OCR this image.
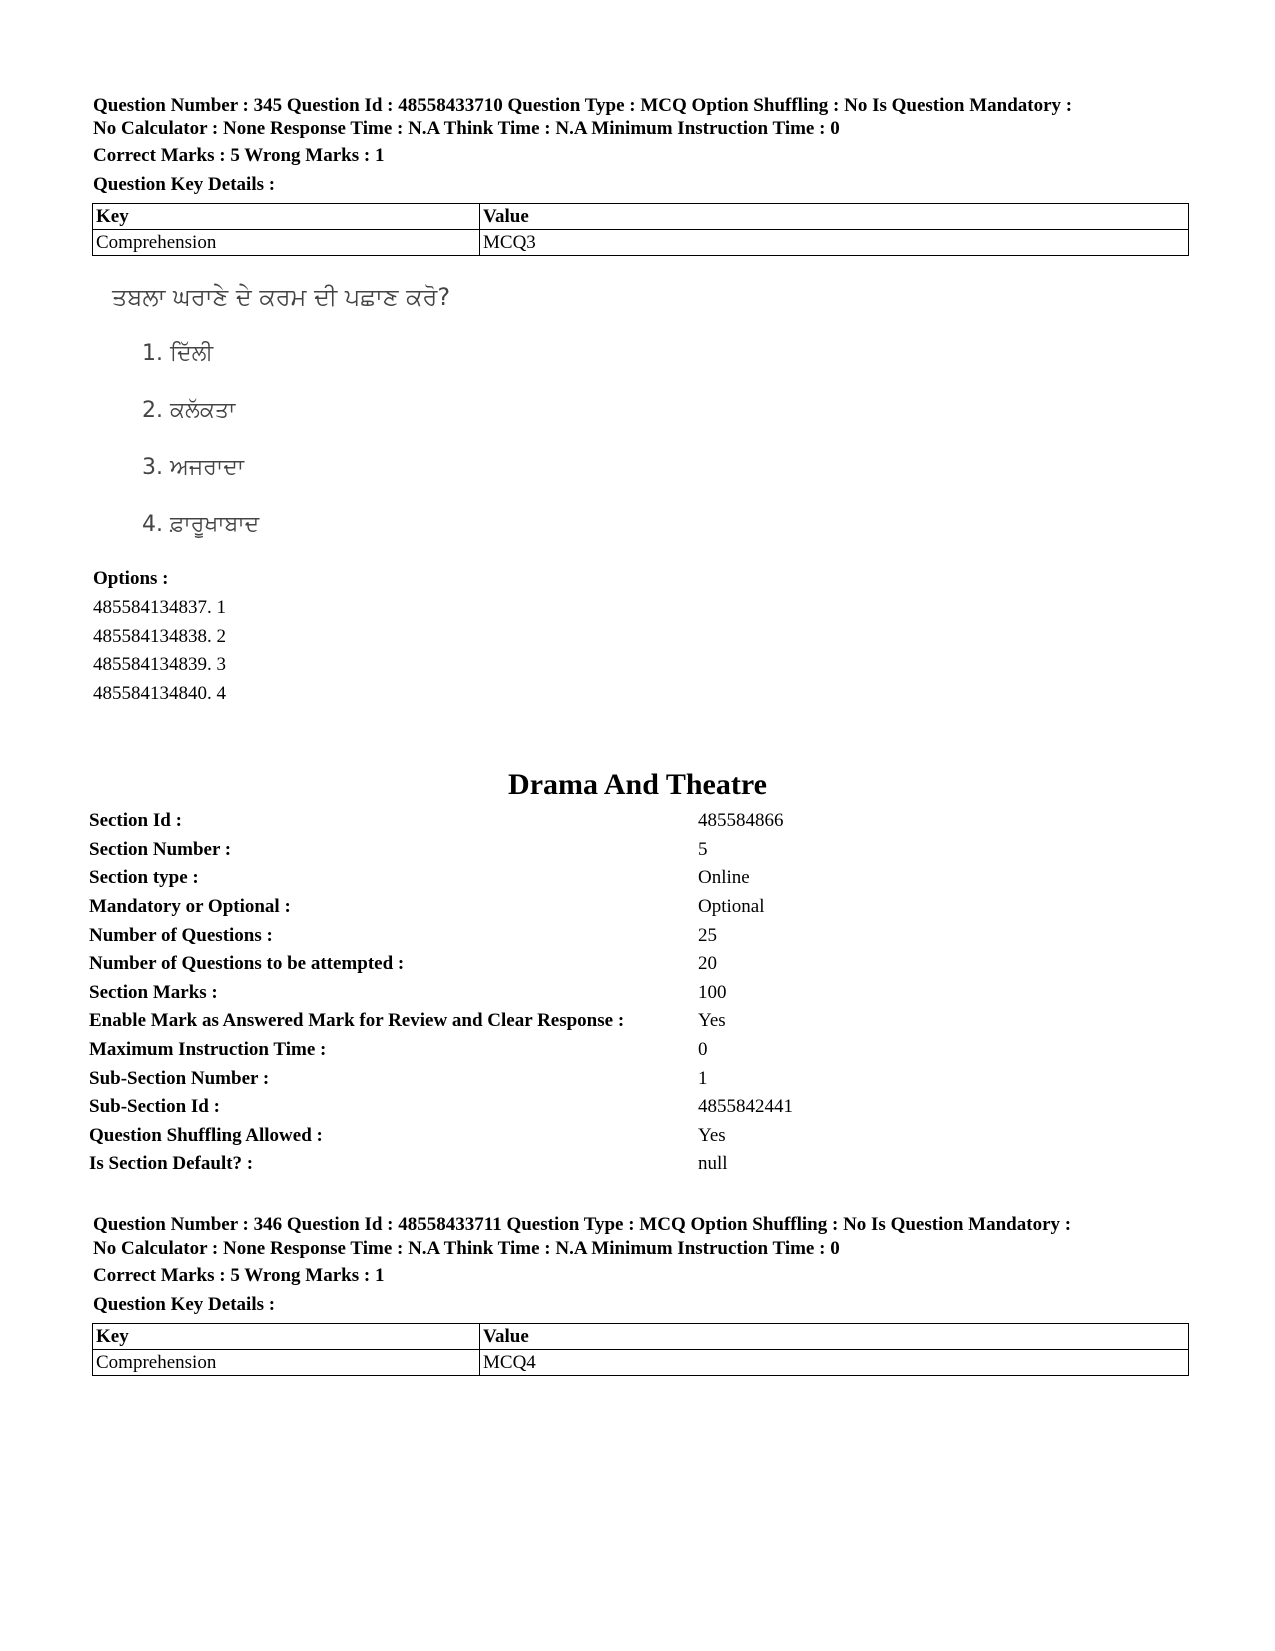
Question Number : 345 Question Id : 48558433710 Question Type : MCQ Option Shuffling : No Is Question Mandatory :
No Calculator : None Response Time : N.A Think Time : N.A Minimum Instruction Time : 0
Correct Marks : 5 Wrong Marks : 1
Question Key Details :
Key	Value
Comprehension	MCQ3
ਤਬਲਾ ਘਰਾਣੇ ਦੇ ਕਰਮ ਦੀ ਪਛਾਣ ਕਰੋ?
1. ਦਿੱਲੀ
2. ਕਲੱਕਤਾ
3. ਅਜਰਾਦਾ
4. ਫ਼ਾਰੂਖਾਬਾਦ
Options :
485584134837. 1
485584134838. 2
485584134839. 3
485584134840. 4
Drama And Theatre
Section Id :	485584866
Section Number :	5
Section type :	Online
Mandatory or Optional :	Optional
Number of Questions :	25
Number of Questions to be attempted :	20
Section Marks :	100
Enable Mark as Answered Mark for Review and Clear Response :	Yes
Maximum Instruction Time :	0
Sub-Section Number :	1
Sub-Section Id :	4855842441
Question Shuffling Allowed :	Yes
Is Section Default? :	null
Question Number : 346 Question Id : 48558433711 Question Type : MCQ Option Shuffling : No Is Question Mandatory :
No Calculator : None Response Time : N.A Think Time : N.A Minimum Instruction Time : 0
Correct Marks : 5 Wrong Marks : 1
Question Key Details :
Key	Value
Comprehension	MCQ4
